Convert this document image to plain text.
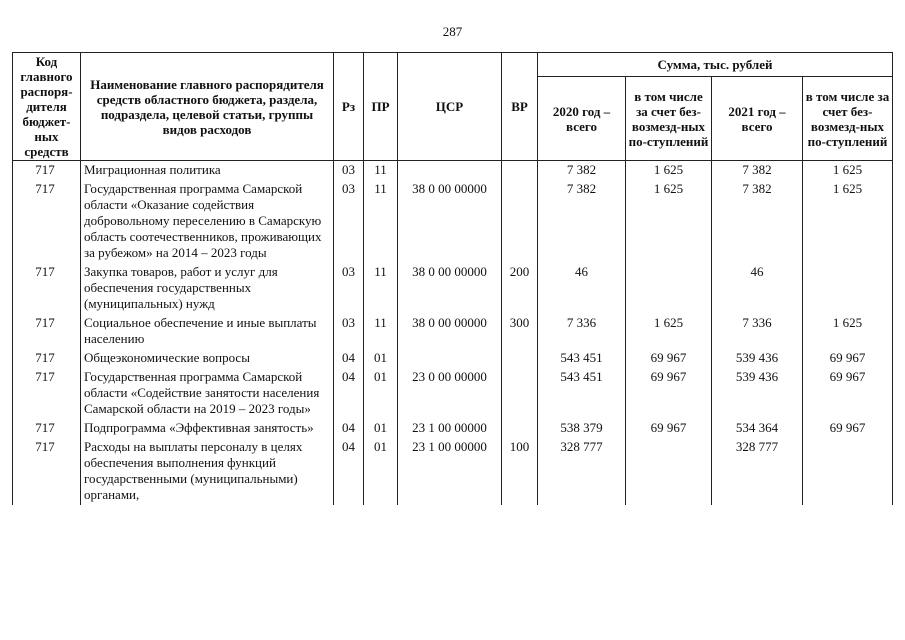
287
Код главного распоря-дителя бюджет-ных средств	Наименование главного распорядителя средств областного бюджета, раздела, подраздела, целевой статьи, группы видов расходов	Рз	ПР	ЦСР	ВР	Сумма, тыс. рублей			
						2020 год – всего	в том числе за счет без-возмезд-ных по-ступлений	2021 год – всего	в том числе за счет без-возмезд-ных по-ступлений
717	Миграционная политика	03	11			7 382	1 625	7 382	1 625
717	Государственная программа Самарской области «Оказание содействия добровольному переселению в Самарскую область соотечественников, проживающих за рубежом» на 2014 – 2023 годы	03	11	38 0 00 00000		7 382	1 625	7 382	1 625
717	Закупка товаров, работ и услуг для обеспечения государственных (муниципальных) нужд	03	11	38 0 00 00000	200	46		46	
717	Социальное обеспечение и иные выплаты населению	03	11	38 0 00 00000	300	7 336	1 625	7 336	1 625
717	Общеэкономические вопросы	04	01			543 451	69 967	539 436	69 967
717	Государственная программа Самарской области «Содействие занятости населения Самарской области на 2019 – 2023 годы»	04	01	23 0 00 00000		543 451	69 967	539 436	69 967
717	Подпрограмма «Эффективная занятость»	04	01	23 1 00 00000		538 379	69 967	534 364	69 967
717	Расходы на выплаты персоналу в целях обеспечения выполнения функций государственными (муниципальными) органами,	04	01	23 1 00 00000	100	328 777		328 777	
